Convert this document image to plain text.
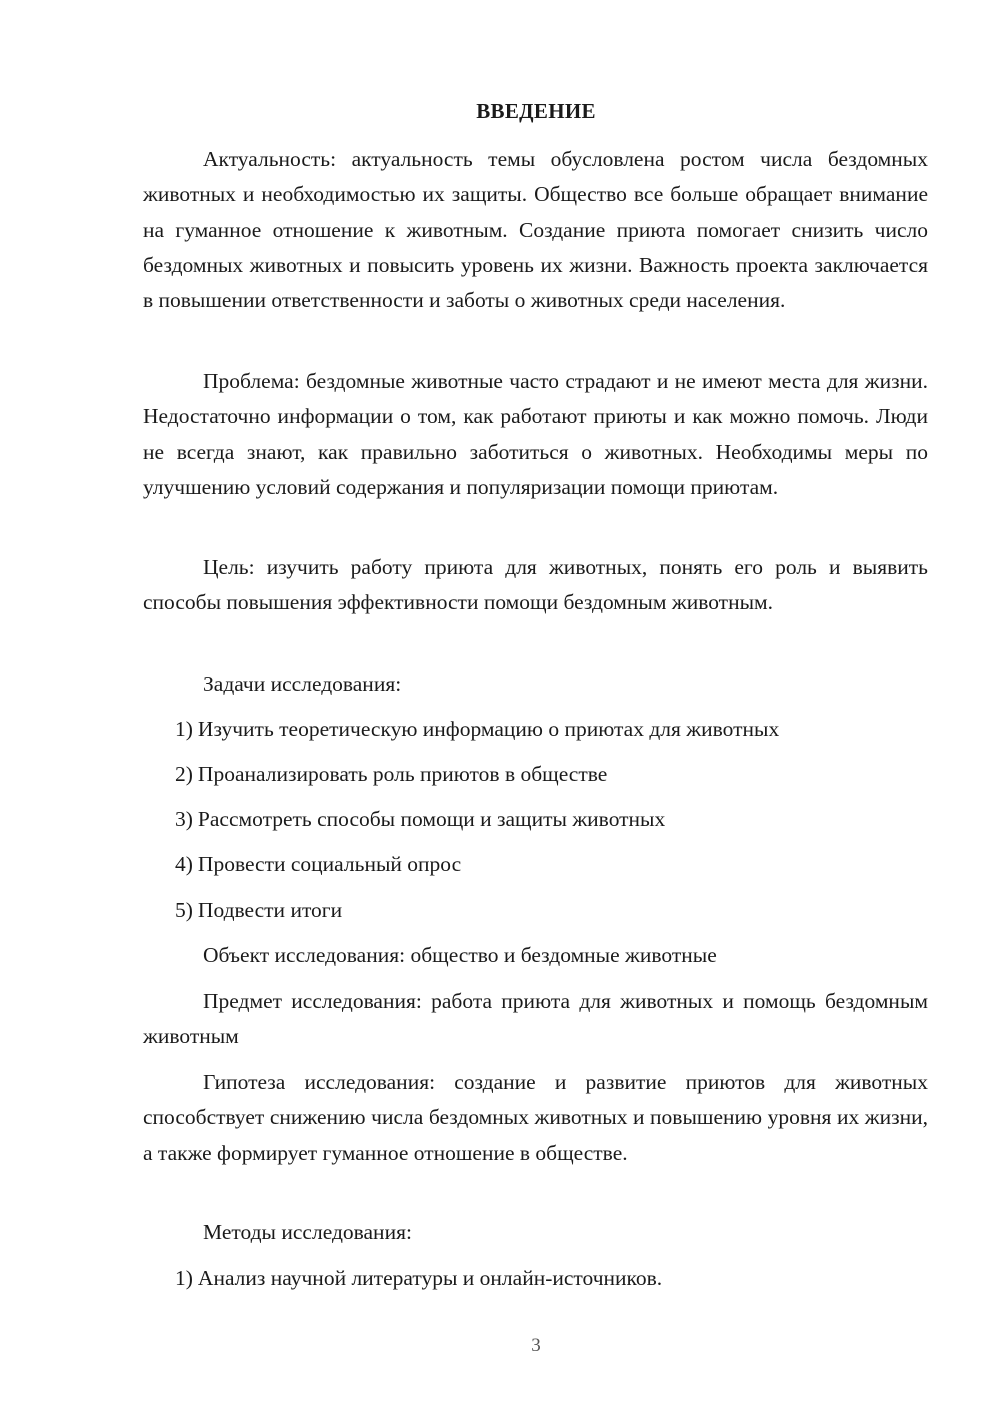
ВВЕДЕНИЕ

Актуальность: актуальность темы обусловлена ростом числа бездомных животных и необходимостью их защиты. Общество все больше обращает внимание на гуманное отношение к животным. Создание приюта помогает снизить число бездомных животных и повысить уровень их жизни. Важность проекта заключается в повышении ответственности и заботы о животных среди населения.

Проблема: бездомные животные часто страдают и не имеют места для жизни. Недостаточно информации о том, как работают приюты и как можно помочь. Люди не всегда знают, как правильно заботиться о животных. Необходимы меры по улучшению условий содержания и популяризации помощи приютам.

Цель: изучить работу приюта для животных, понять его роль и выявить способы повышения эффективности помощи бездомным животным.

Задачи исследования:

1) Изучить теоретическую информацию о приютах для животных

2) Проанализировать роль приютов в обществе

3) Рассмотреть способы помощи и защиты животных

4) Провести социальный опрос

5) Подвести итоги

Объект исследования: общество и бездомные животные

Предмет исследования: работа приюта для животных и помощь бездомным животным

Гипотеза исследования: создание и развитие приютов для животных способствует снижению числа бездомных животных и повышению уровня их жизни, а также формирует гуманное отношение в обществе.

Методы исследования:

1) Анализ научной литературы и онлайн-источников.

3
